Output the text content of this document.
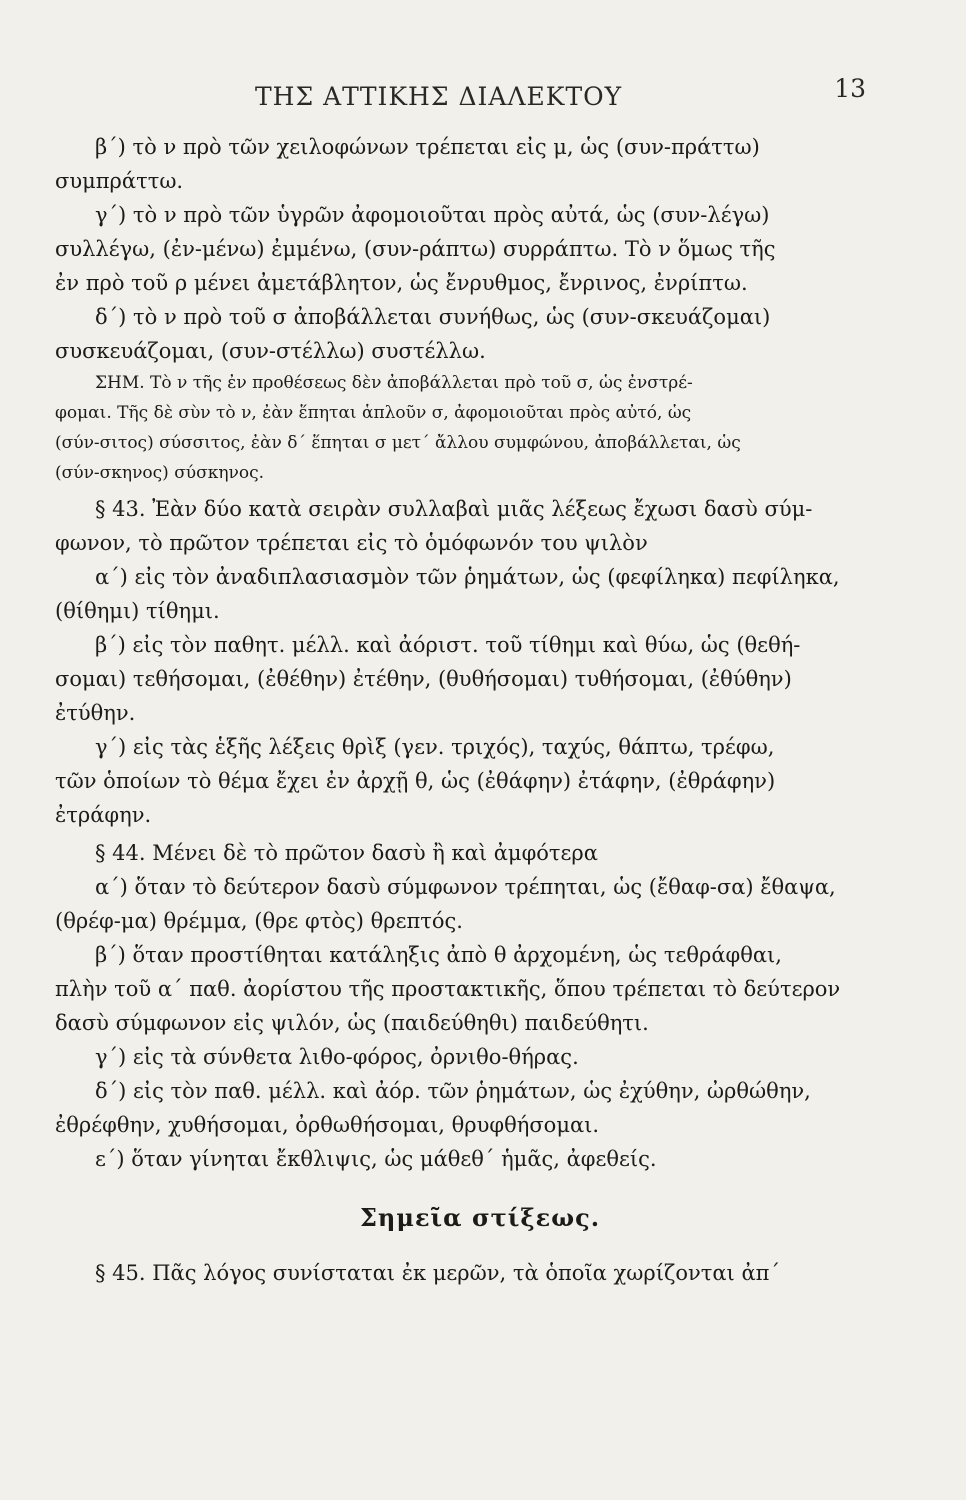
ΤΗΣ ΑΤΤΙΚΗΣ ΔΙΑΛΕΚΤΟΥ	13
β΄) τὸ ν πρὸ τῶν χειλοφώνων τρέπεται εἰς μ, ὡς (συν-πράττω)
συμπράττω.
γ΄) τὸ ν πρὸ τῶν ὑγρῶν ἀφομοιοῦται πρὸς αὐτά, ὡς (συν-λέγω)
συλλέγω, (ἐν-μένω) ἐμμένω, (συν-ράπτω) συρράπτω. Τὸ ν ὅμως τῆς
ἐν πρὸ τοῦ ρ μένει ἀμετάβλητον, ὡς ἔνρυθμος, ἔνρινος, ἐνρίπτω.
δ΄) τὸ ν πρὸ τοῦ σ ἀποβάλλεται συνήθως, ὡς (συν-σκευάζομαι)
συσκευάζομαι, (συν-στέλλω) συστέλλω.
ΣΗΜ. Τὸ ν τῆς ἐν προθέσεως δὲν ἀποβάλλεται πρὸ τοῦ σ, ὡς ἐνστρέ-
φομαι. Τῆς δὲ σὺν τὸ ν, ἐὰν ἕπηται ἁπλοῦν σ, ἀφομοιοῦται πρὸς αὐτό, ὡς
(σύν-σιτος) σύσσιτος, ἐὰν δ΄ ἕπηται σ μετ΄ ἄλλου συμφώνου, ἀποβάλλεται, ὡς
(σύν-σκηνος) σύσκηνος.
§ 43. Ἐὰν δύο κατὰ σειρὰν συλλαβαὶ μιᾶς λέξεως ἔχωσι δασὺ σύμ-
φωνον, τὸ πρῶτον τρέπεται εἰς τὸ ὁμόφωνόν του ψιλὸν
α΄) εἰς τὸν ἀναδιπλασιασμὸν τῶν ῥημάτων, ὡς (φεφίληκα) πεφίληκα,
(θίθημι) τίθημι.
β΄) εἰς τὸν παθητ. μέλλ. καὶ ἀόριστ. τοῦ τίθημι καὶ θύω, ὡς (θεθή-
σομαι) τεθήσομαι, (ἐθέθην) ἐτέθην, (θυθήσομαι) τυθήσομαι, (ἐθύθην)
ἐτύθην.
γ΄) εἰς τὰς ἑξῆς λέξεις θρὶξ (γεν. τριχός), ταχύς, θάπτω, τρέφω,
τῶν ὁποίων τὸ θέμα ἔχει ἐν ἀρχῇ θ, ὡς (ἐθάφην) ἐτάφην, (ἐθράφην)
ἐτράφην.
§ 44. Μένει δὲ τὸ πρῶτον δασὺ ἢ καὶ ἀμφότερα
α΄) ὅταν τὸ δεύτερον δασὺ σύμφωνον τρέπηται, ὡς (ἔθαφ-σα) ἔθαψα,
(θρέφ-μα) θρέμμα, (θρε φτὸς) θρεπτός.
β΄) ὅταν προστίθηται κατάληξις ἀπὸ θ ἀρχομένη, ὡς τεθράφθαι,
πλὴν τοῦ α΄ παθ. ἀορίστου τῆς προστακτικῆς, ὅπου τρέπεται τὸ δεύτερον
δασὺ σύμφωνον εἰς ψιλόν, ὡς (παιδεύθηθι) παιδεύθητι.
γ΄) εἰς τὰ σύνθετα λιθο-φόρος, ὀρνιθο-θήρας.
δ΄) εἰς τὸν παθ. μέλλ. καὶ ἀόρ. τῶν ῥημάτων, ὡς ἐχύθην, ὠρθώθην,
ἐθρέφθην, χυθήσομαι, ὀρθωθήσομαι, θρυφθήσομαι.
ε΄) ὅταν γίνηται ἔκθλιψις, ὡς μάθεθ΄ ἡμᾶς, ἀφεθείς.
Σημεῖα στίξεως.
§ 45. Πᾶς λόγος συνίσταται ἐκ μερῶν, τὰ ὁποῖα χωρίζονται ἀπ΄
